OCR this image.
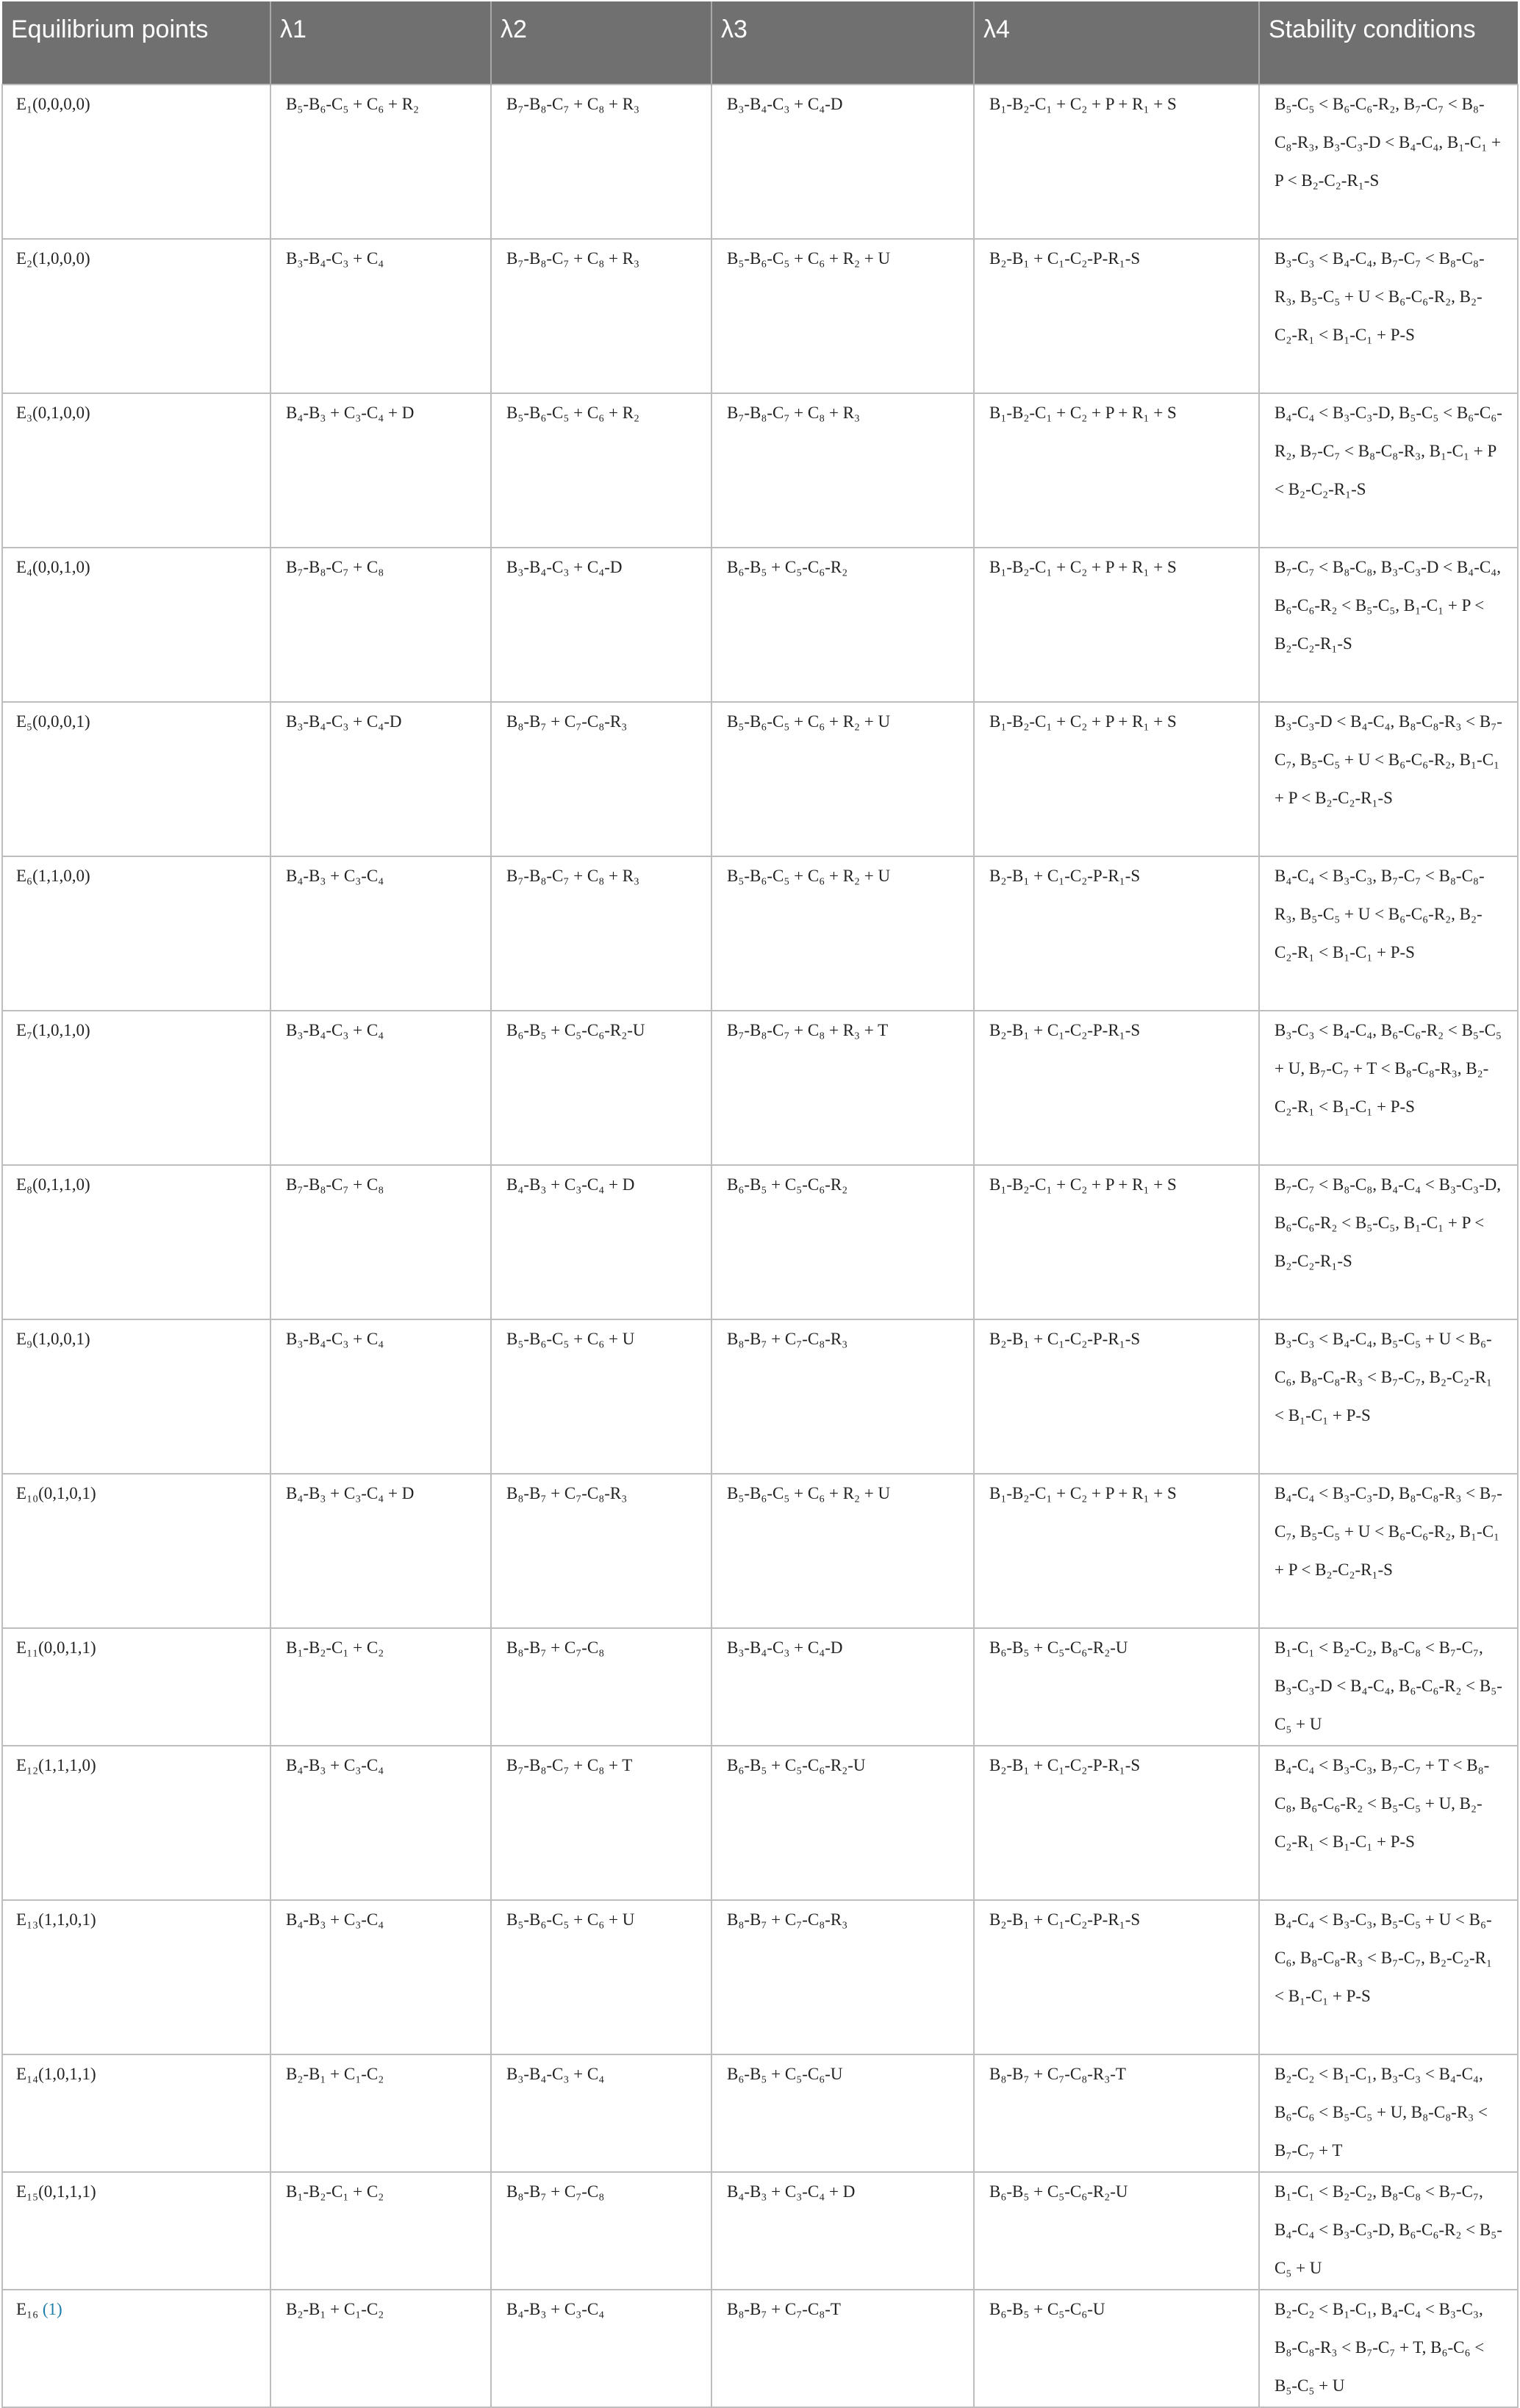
Equilibrium points	λ1	λ2	λ3	λ4	Stability conditions
E₁(0,0,0,0)	B₅-B₆-C₅ + C₆ + R₂	B₇-B₈-C₇ + C₈ + R₃	B₃-B₄-C₃ + C₄-D	B₁-B₂-C₁ + C₂ + P + R₁ + S	B₅-C₅ < B₆-C₆-R₂, B₇-C₇ < B₈-C₈-R₃, B₃-C₃-D < B₄-C₄, B₁-C₁ + P < B₂-C₂-R₁-S
E₂(1,0,0,0)	B₃-B₄-C₃ + C₄	B₇-B₈-C₇ + C₈ + R₃	B₅-B₆-C₅ + C₆ + R₂ + U	B₂-B₁ + C₁-C₂-P-R₁-S	B₃-C₃ < B₄-C₄, B₇-C₇ < B₈-C₈-R₃, B₅-C₅ + U < B₆-C₆-R₂, B₂-C₂-R₁ < B₁-C₁ + P-S
E₃(0,1,0,0)	B₄-B₃ + C₃-C₄ + D	B₅-B₆-C₅ + C₆ + R₂	B₇-B₈-C₇ + C₈ + R₃	B₁-B₂-C₁ + C₂ + P + R₁ + S	B₄-C₄ < B₃-C₃-D, B₅-C₅ < B₆-C₆-R₂, B₇-C₇ < B₈-C₈-R₃, B₁-C₁ + P < B₂-C₂-R₁-S
E₄(0,0,1,0)	B₇-B₈-C₇ + C₈	B₃-B₄-C₃ + C₄-D	B₆-B₅ + C₅-C₆-R₂	B₁-B₂-C₁ + C₂ + P + R₁ + S	B₇-C₇ < B₈-C₈, B₃-C₃-D < B₄-C₄, B₆-C₆-R₂ < B₅-C₅, B₁-C₁ + P < B₂-C₂-R₁-S
E₅(0,0,0,1)	B₃-B₄-C₃ + C₄-D	B₈-B₇ + C₇-C₈-R₃	B₅-B₆-C₅ + C₆ + R₂ + U	B₁-B₂-C₁ + C₂ + P + R₁ + S	B₃-C₃-D < B₄-C₄, B₈-C₈-R₃ < B₇-C₇, B₅-C₅ + U < B₆-C₆-R₂, B₁-C₁ + P < B₂-C₂-R₁-S
E₆(1,1,0,0)	B₄-B₃ + C₃-C₄	B₇-B₈-C₇ + C₈ + R₃	B₅-B₆-C₅ + C₆ + R₂ + U	B₂-B₁ + C₁-C₂-P-R₁-S	B₄-C₄ < B₃-C₃, B₇-C₇ < B₈-C₈-R₃, B₅-C₅ + U < B₆-C₆-R₂, B₂-C₂-R₁ < B₁-C₁ + P-S
E₇(1,0,1,0)	B₃-B₄-C₃ + C₄	B₆-B₅ + C₅-C₆-R₂-U	B₇-B₈-C₇ + C₈ + R₃ + T	B₂-B₁ + C₁-C₂-P-R₁-S	B₃-C₃ < B₄-C₄, B₆-C₆-R₂ < B₅-C₅ + U, B₇-C₇ + T < B₈-C₈-R₃, B₂-C₂-R₁ < B₁-C₁ + P-S
E₈(0,1,1,0)	B₇-B₈-C₇ + C₈	B₄-B₃ + C₃-C₄ + D	B₆-B₅ + C₅-C₆-R₂	B₁-B₂-C₁ + C₂ + P + R₁ + S	B₇-C₇ < B₈-C₈, B₄-C₄ < B₃-C₃-D, B₆-C₆-R₂ < B₅-C₅, B₁-C₁ + P < B₂-C₂-R₁-S
E₉(1,0,0,1)	B₃-B₄-C₃ + C₄	B₅-B₆-C₅ + C₆ + U	B₈-B₇ + C₇-C₈-R₃	B₂-B₁ + C₁-C₂-P-R₁-S	B₃-C₃ < B₄-C₄, B₅-C₅ + U < B₆-C₆, B₈-C₈-R₃ < B₇-C₇, B₂-C₂-R₁ < B₁-C₁ + P-S
E₁₀(0,1,0,1)	B₄-B₃ + C₃-C₄ + D	B₈-B₇ + C₇-C₈-R₃	B₅-B₆-C₅ + C₆ + R₂ + U	B₁-B₂-C₁ + C₂ + P + R₁ + S	B₄-C₄ < B₃-C₃-D, B₈-C₈-R₃ < B₇-C₇, B₅-C₅ + U < B₆-C₆-R₂, B₁-C₁ + P < B₂-C₂-R₁-S
E₁₁(0,0,1,1)	B₁-B₂-C₁ + C₂	B₈-B₇ + C₇-C₈	B₃-B₄-C₃ + C₄-D	B₆-B₅ + C₅-C₆-R₂-U	B₁-C₁ < B₂-C₂, B₈-C₈ < B₇-C₇, B₃-C₃-D < B₄-C₄, B₆-C₆-R₂ < B₅-C₅ + U
E₁₂(1,1,1,0)	B₄-B₃ + C₃-C₄	B₇-B₈-C₇ + C₈ + T	B₆-B₅ + C₅-C₆-R₂-U	B₂-B₁ + C₁-C₂-P-R₁-S	B₄-C₄ < B₃-C₃, B₇-C₇ + T < B₈-C₈, B₆-C₆-R₂ < B₅-C₅ + U, B₂-C₂-R₁ < B₁-C₁ + P-S
E₁₃(1,1,0,1)	B₄-B₃ + C₃-C₄	B₅-B₆-C₅ + C₆ + U	B₈-B₇ + C₇-C₈-R₃	B₂-B₁ + C₁-C₂-P-R₁-S	B₄-C₄ < B₃-C₃, B₅-C₅ + U < B₆-C₆, B₈-C₈-R₃ < B₇-C₇, B₂-C₂-R₁ < B₁-C₁ + P-S
E₁₄(1,0,1,1)	B₂-B₁ + C₁-C₂	B₃-B₄-C₃ + C₄	B₆-B₅ + C₅-C₆-U	B₈-B₇ + C₇-C₈-R₃-T	B₂-C₂ < B₁-C₁, B₃-C₃ < B₄-C₄, B₆-C₆ < B₅-C₅ + U, B₈-C₈-R₃ < B₇-C₇ + T
E₁₅(0,1,1,1)	B₁-B₂-C₁ + C₂	B₈-B₇ + C₇-C₈	B₄-B₃ + C₃-C₄ + D	B₆-B₅ + C₅-C₆-R₂-U	B₁-C₁ < B₂-C₂, B₈-C₈ < B₇-C₇, B₄-C₄ < B₃-C₃-D, B₆-C₆-R₂ < B₅-C₅ + U
E₁₆ (1)	B₂-B₁ + C₁-C₂	B₄-B₃ + C₃-C₄	B₈-B₇ + C₇-C₈-T	B₆-B₅ + C₅-C₆-U	B₂-C₂ < B₁-C₁, B₄-C₄ < B₃-C₃, B₈-C₈-R₃ < B₇-C₇ + T, B₆-C₆ < B₅-C₅ + U
